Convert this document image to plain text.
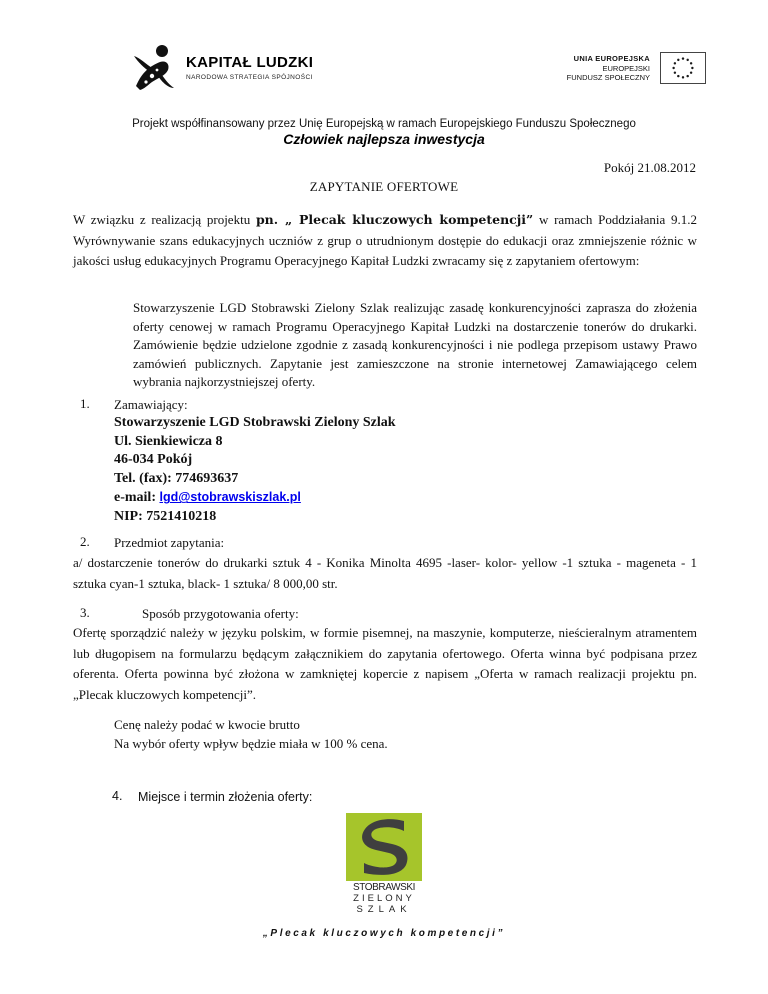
KAPITAŁ LUDZKI
NARODOWA STRATEGIA SPÓJNOŚCI
UNIA EUROPEJSKA
EUROPEJSKI
FUNDUSZ SPOŁECZNY
Projekt współfinansowany przez Unię Europejską w ramach Europejskiego Funduszu Społecznego
Człowiek najlepsza inwestycja
Pokój 21.08.2012
ZAPYTANIE OFERTOWE

W związku z realizacją projektu pn. „ Plecak kluczowych kompetencji” w ramach Poddziałania 9.1.2 Wyrównywanie szans edukacyjnych uczniów z grup o utrudnionym dostępie do edukacji oraz zmniejszenie różnic w jakości usług edukacyjnych Programu Operacyjnego Kapitał Ludzki zwracamy się z zapytaniem ofertowym:

Stowarzyszenie LGD Stobrawski Zielony Szlak realizując zasadę konkurencyjności zaprasza do złożenia oferty cenowej w ramach Programu Operacyjnego Kapitał Ludzki na dostarczenie tonerów do drukarki. Zamówienie będzie udzielone zgodnie z zasadą konkurencyjności i nie podlega przepisom ustawy Prawo zamówień publicznych. Zapytanie jest zamieszczone na stronie internetowej Zamawiającego celem wybrania najkorzystniejszej oferty.

1. Zamawiający:
Stowarzyszenie LGD Stobrawski Zielony Szlak
Ul. Sienkiewicza 8
46-034 Pokój
Tel. (fax): 774693637
e-mail: lgd@stobrawskiszlak.pl
NIP: 7521410218
2. Przedmiot zapytania:

a/ dostarczenie tonerów do drukarki sztuk 4 - Konika Minolta 4695 -laser- kolor- yellow -1 sztuka - mageneta - 1 sztuka cyan-1 sztuka, black- 1 sztuka/ 8 000,00 str.

3.	Sposób przygotowania oferty:

Ofertę sporządzić należy w języku polskim, w formie pisemnej, na maszynie, komputerze, nieścieralnym atramentem lub długopisem na formularzu będącym załącznikiem do zapytania ofertowego. Oferta winna być podpisana przez oferenta. Oferta powinna być złożona w zamkniętej kopercie z napisem „Oferta w ramach realizacji projektu pn. „Plecak kluczowych kompetencji”.

Cenę należy podać w kwocie brutto
Na wybór oferty wpływ będzie miała w 100 % cena.
4. Miejsce i termin złożenia oferty:
STOBRAWSKI
ZIELONY
SZLAK
„Plecak kluczowych kompetencji”
